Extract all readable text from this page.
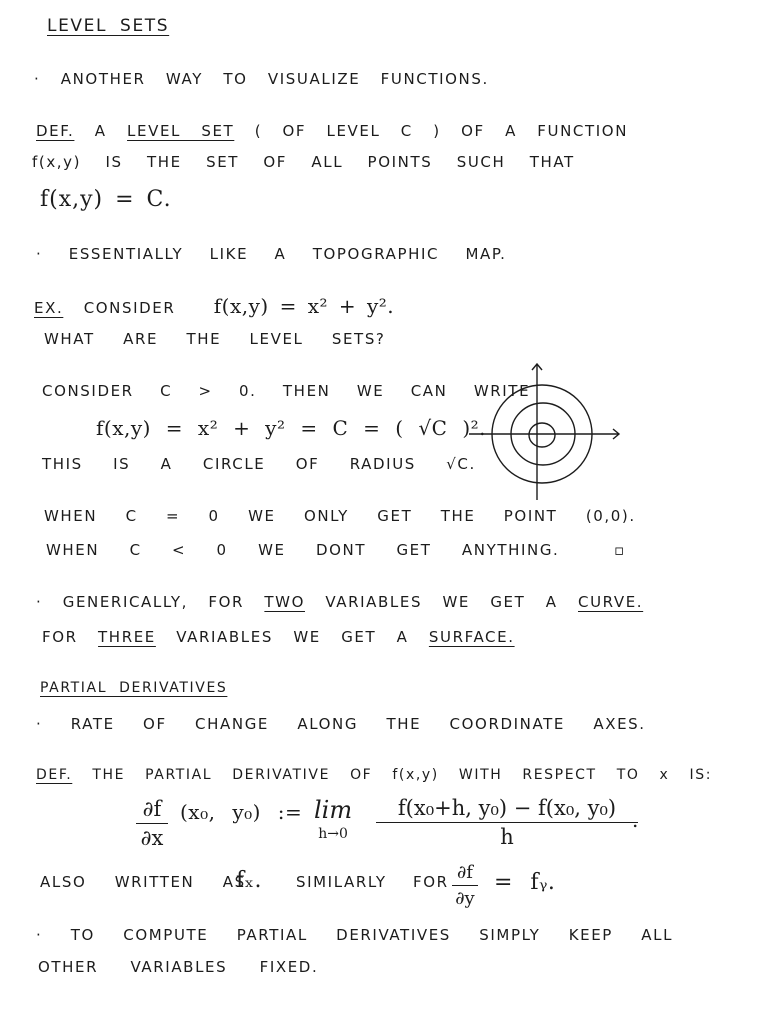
LEVEL SETS
· ANOTHER WAY TO VISUALIZE FUNCTIONS.
DEF. A LEVEL SET ( OF LEVEL C ) OF A FUNCTION
f(x,y) IS THE SET OF ALL POINTS SUCH THAT
f(x,y) = C.
· ESSENTIALLY LIKE A TOPOGRAPHIC MAP.
EX. CONSIDER f(x,y) = x² + y².
WHAT ARE THE LEVEL SETS?
CONSIDER C > 0. THEN WE CAN WRITE
f(x,y) = x² + y² = C = ( √C )².
THIS IS A CIRCLE OF RADIUS √C.
WHEN C = 0 WE ONLY GET THE POINT (0,0).
WHEN C < 0 WE DONT GET ANYTHING.	▫
· GENERICALLY, FOR TWO VARIABLES WE GET A CURVE.
FOR THREE VARIABLES WE GET A SURFACE.
PARTIAL DERIVATIVES
· RATE OF CHANGE ALONG THE COORDINATE AXES.
DEF. THE PARTIAL DERIVATIVE OF f(x,y) WITH RESPECT TO x IS:
∂f
∂x
(x₀, y₀) := lim
h→0
f(x₀+h, y₀) − f(x₀, y₀)
h
.
ALSO WRITTEN AS
fₓ. SIMILARLY FOR ∂f
∂y
= fᵧ.
· TO COMPUTE PARTIAL DERIVATIVES SIMPLY KEEP ALL
OTHER VARIABLES FIXED.
